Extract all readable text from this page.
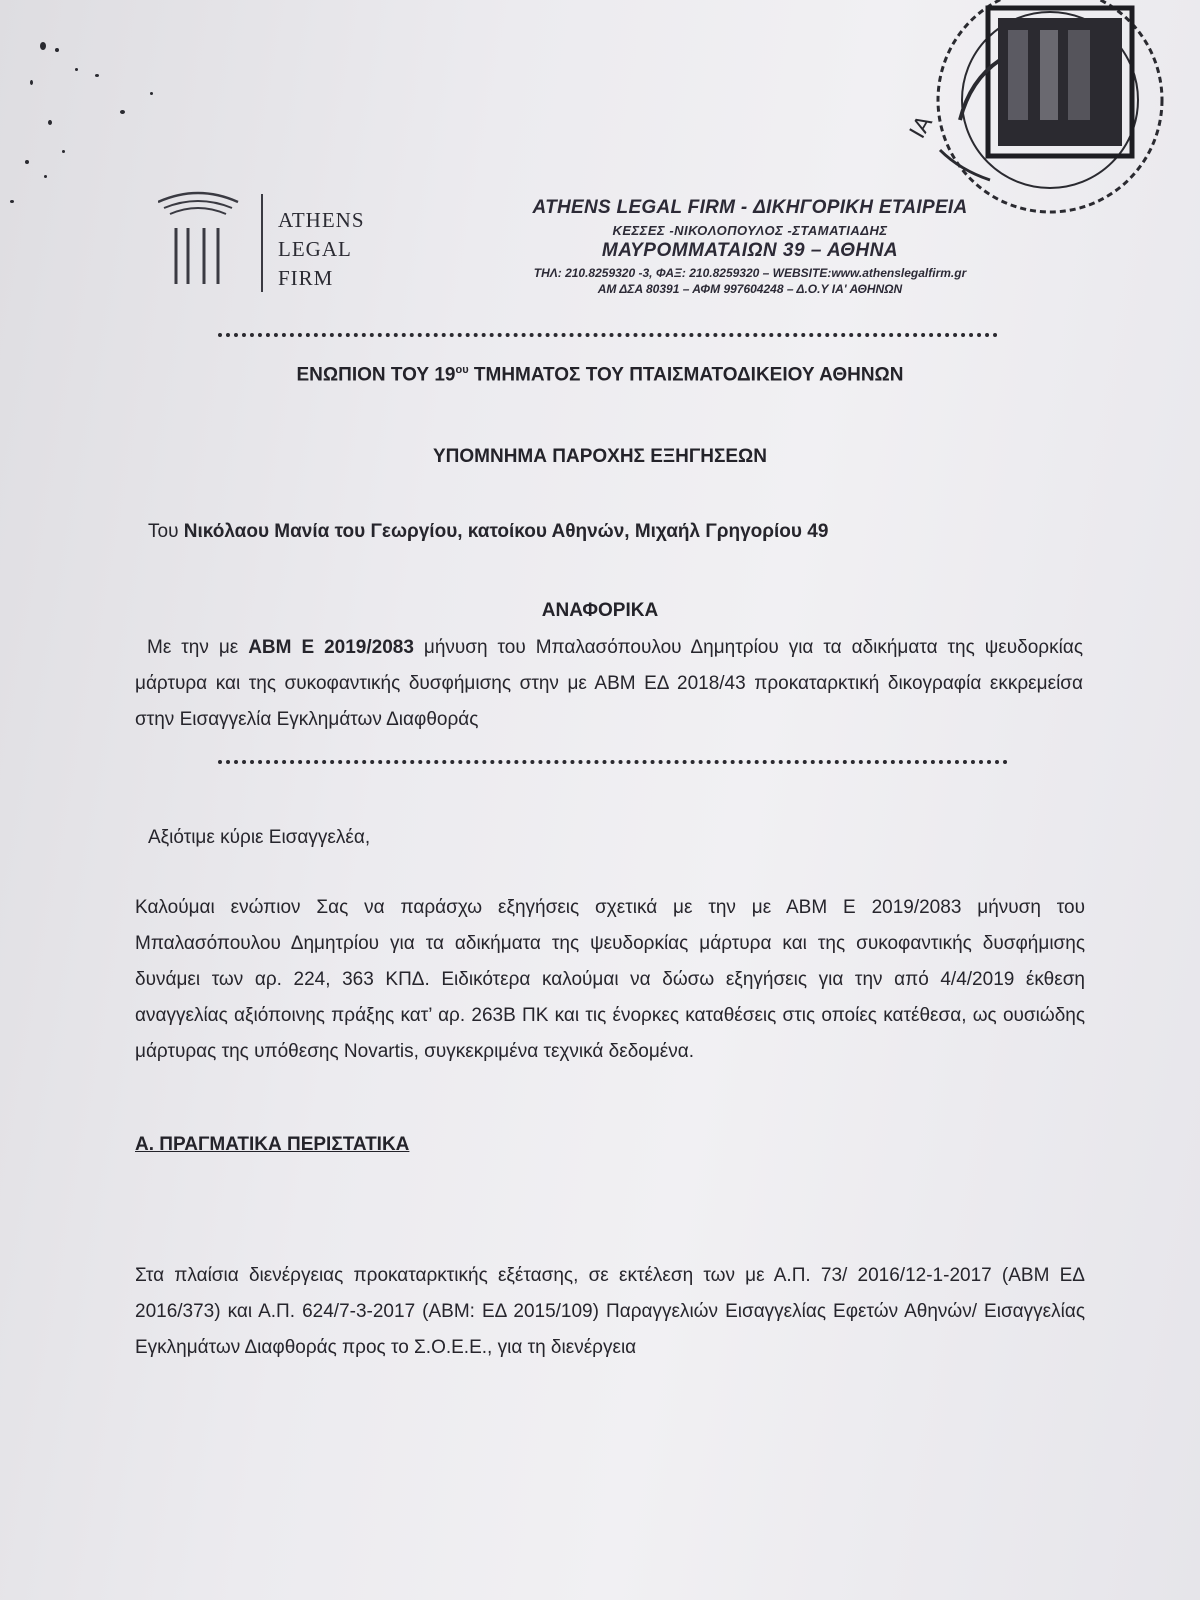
ΙΑ
ATHENS
LEGAL
FIRM
ATHENS LEGAL FIRM - ΔΙΚΗΓΟΡΙΚΗ ΕΤΑΙΡΕΙΑ
ΚΕΣΣΕΣ -ΝΙΚΟΛΟΠΟΥΛΟΣ -ΣΤΑΜΑΤΙΑΔΗΣ
ΜΑΥΡΟΜΜΑΤΑΙΩΝ 39 – ΑΘΗΝΑ
ΤΗΛ: 210.8259320 -3, ΦΑΞ: 210.8259320 – WEBSITE:www.athenslegalfirm.gr
ΑΜ ΔΣΑ 80391 – ΑΦΜ 997604248 – Δ.Ο.Υ ΙΑ' ΑΘΗΝΩΝ
ΕΝΩΠΙΟΝ ΤΟΥ $19^{o\upsilon}$ ΤΜΗΜΑΤΟΣ ΤΟΥ ΠΤΑΙΣΜΑΤΟΔΙΚΕΙΟΥ ΑΘΗΝΩΝ
ΥΠΟΜΝΗΜΑ ΠΑΡΟΧΗΣ ΕΞΗΓΗΣΕΩΝ
Του Νικόλαου Μανία του Γεωργίου, κατοίκου Αθηνών, Μιχαήλ Γρηγορίου 49
ΑΝΑΦΟΡΙΚΑ

Με την με ΑΒΜ Ε 2019/2083 μήνυση του Μπαλασόπουλου Δημητρίου για τα αδικήματα της ψευδορκίας μάρτυρα και της συκοφαντικής δυσφήμισης στην με ΑΒΜ ΕΔ 2018/43 προκαταρκτική δικογραφία εκκρεμείσα στην Εισαγγελία Εγκλημάτων Διαφθοράς

Αξιότιμε κύριε Εισαγγελέα,

Καλούμαι ενώπιον Σας να παράσχω εξηγήσεις σχετικά με την με ΑΒΜ Ε 2019/2083 μήνυση του Μπαλασόπουλου Δημητρίου για τα αδικήματα της ψευδορκίας μάρτυρα και της συκοφαντικής δυσφήμισης δυνάμει των αρ. 224, 363 ΚΠΔ. Ειδικότερα καλούμαι να δώσω εξηγήσεις για την από 4/4/2019 έκθεση αναγγελίας αξιόποινης πράξης κατ’ αρ. 263Β ΠΚ και τις ένορκες καταθέσεις στις οποίες κατέθεσα, ως ουσιώδης μάρτυρας της υπόθεσης Novartis, συγκεκριμένα τεχνικά δεδομένα.

Α. ΠΡΑΓΜΑΤΙΚΑ ΠΕΡΙΣΤΑΤΙΚΑ

Στα πλαίσια διενέργειας προκαταρκτικής εξέτασης, σε εκτέλεση των με Α.Π. 73/ 2016/12-1-2017 (ΑΒΜ ΕΔ 2016/373) και Α.Π. 624/7-3-2017 (ΑΒΜ: ΕΔ 2015/109) Παραγγελιών Εισαγγελίας Εφετών Αθηνών/ Εισαγγελίας Εγκλημάτων Διαφθοράς προς το Σ.Ο.Ε.Ε., για τη διενέργεια
